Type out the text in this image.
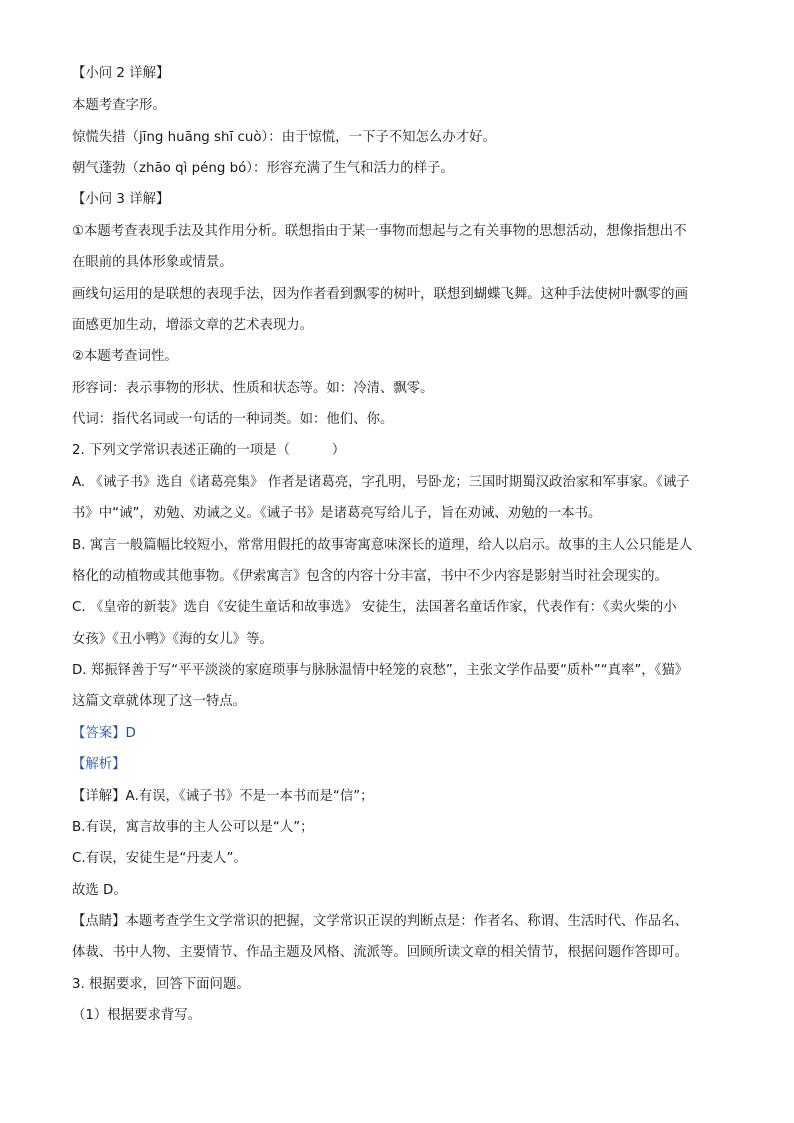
【小问 2 详解】
本题考查字形。
惊慌失措（jīng huāng shī cuò）：由于惊慌，一下子不知怎么办才好。
朝气蓬勃（zhāo qì péng bó）：形容充满了生气和活力的样子。
【小问 3 详解】
①本题考查表现手法及其作用分析。联想指由于某一事物而想起与之有关事物的思想活动，想像指想出不
在眼前的具体形象或情景。
画线句运用的是联想的表现手法，因为作者看到飘零的树叶，联想到蝴蝶飞舞。这种手法使树叶飘零的画
面感更加生动，增添文章的艺术表现力。
②本题考查词性。
形容词：表示事物的形状、性质和状态等。如：冷清、飘零。
代词：指代名词或一句话的一种词类。如：他们、你。
2. 下列文学常识表述正确的一项是（	）
A. 《诫子书》选自《诸葛亮集》 作者是诸葛亮，字孔明，号卧龙；三国时期蜀汉政治家和军事家。《诫子
书》中“诫”，劝勉、劝诫之义。《诫子书》是诸葛亮写给儿子，旨在劝诫、劝勉的一本书。
B. 寓言一般篇幅比较短小，常常用假托的故事寄寓意味深长的道理，给人以启示。故事的主人公只能是人
格化的动植物或其他事物。《伊索寓言》包含的内容十分丰富，书中不少内容是影射当时社会现实的。
C. 《皇帝的新装》选自《安徒生童话和故事选》 安徒生，法国著名童话作家，代表作有：《卖火柴的小
女孩》《丑小鸭》《海的女儿》等。
D. 郑振铎善于写“平平淡淡的家庭琐事与脉脉温情中轻笼的哀愁”，主张文学作品要“质朴”“真率”，《猫》
这篇文章就体现了这一特点。
【答案】D
【解析】
【详解】A.有误，《诫子书》不是一本书而是“信”；
B.有误，寓言故事的主人公可以是“人”；
C.有误，安徒生是“丹麦人”。
故选 D。
【点睛】本题考查学生文学常识的把握，文学常识正误的判断点是：作者名、称谓、生活时代、作品名、
体裁、书中人物、主要情节、作品主题及风格、流派等。回顾所读文章的相关情节，根据问题作答即可。
3. 根据要求，回答下面问题。
（1）根据要求背写。
